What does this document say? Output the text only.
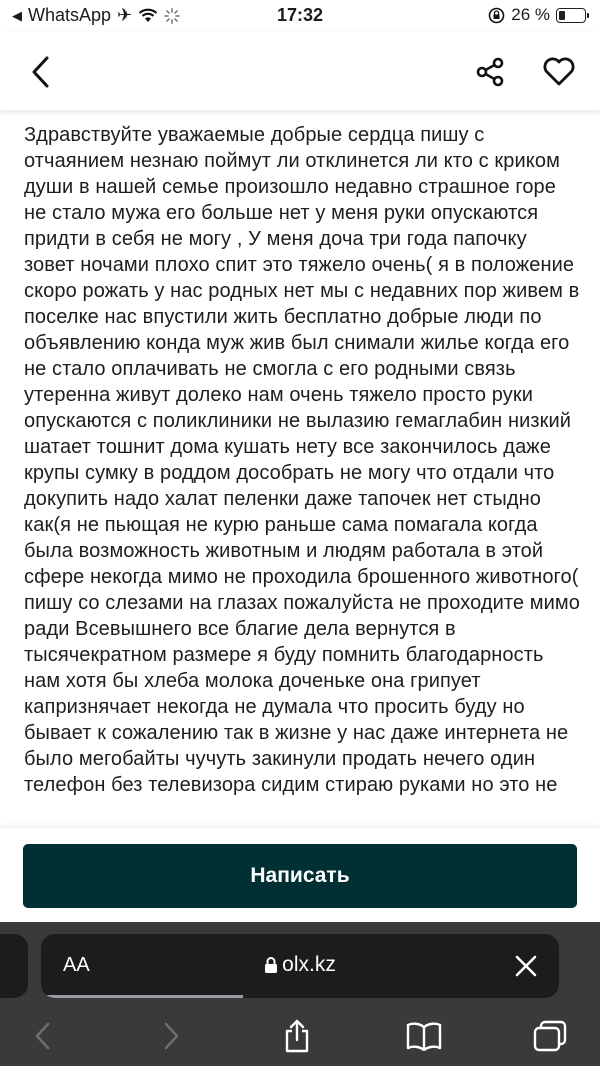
◀ WhatsApp ✈	17:32	26 %
Здравствуйте уважаемые добрые сердца пишу с отчаянием незнаю поймут ли отклинется ли кто с криком души в нашей семье произошло недавно страшное горе не стало мужа его больше нет у меня руки опускаются придти в себя не могу , У меня доча три года папочку зовет ночами плохо спит это тяжело очень( я в положение скоро рожать у нас родных нет мы с недавних пор живем в поселке нас впустили жить бесплатно добрые люди по объявлению конда муж жив был снимали жилье когда его не стало оплачивать не смогла с его родными связь утеренна живут долеко нам очень тяжело просто руки опускаются с поликлиники не вылазию гемаглабин низкий шатает тошнит дома кушать нету все закончилось даже крупы сумку в роддом дособрать не могу что отдали что докупить надо халат пеленки даже тапочек нет стыдно как(я не пьющая не курю раньше сама помагала когда была возможность животным и людям работала в этой сфере некогда мимо не проходила брошенного животного( пишу со слезами на глазах пожалуйста не проходите мимо ради Всевышнего все благие дела вернутся в тысячекратном размере я буду помнить благодарность нам хотя бы хлеба молока доченьке она грипует капризнячает некогда не думала что просить буду но бывает к сожалению так в жизне у нас даже интернета не было мегобайты чучуть закинули продать нечего один телефон без телевизора сидим стираю руками но это не
Написать
AA	olx.kz
